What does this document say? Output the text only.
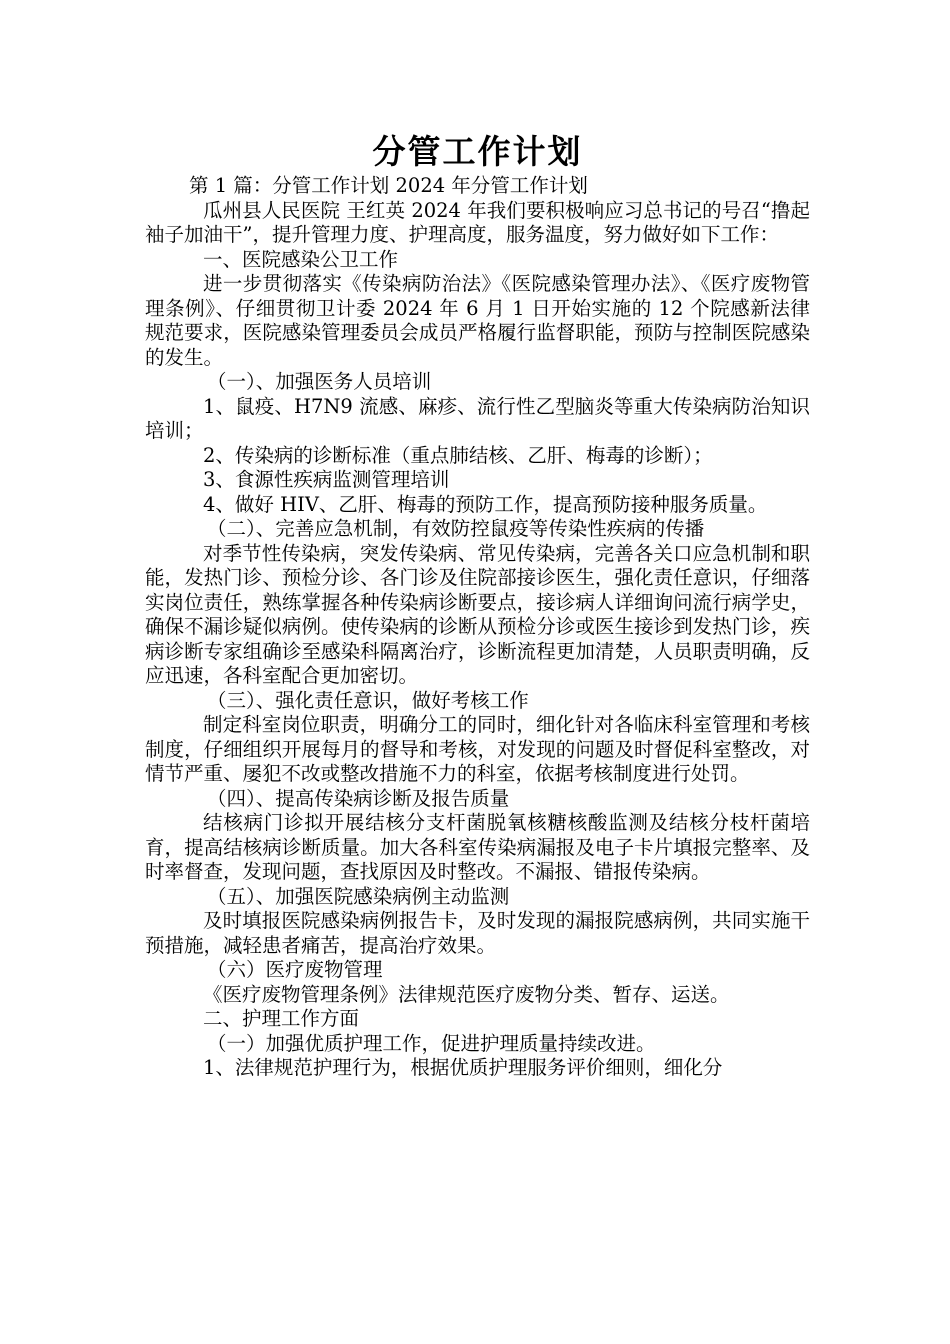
分管工作计划

第 1 篇：分管工作计划 2024 年分管工作计划

瓜州县人民医院 王红英 2024 年我们要积极响应习总书记的号召“撸起袖子加油干”，提升管理力度、护理高度，服务温度，努力做好如下工作：

一、医院感染公卫工作

进一步贯彻落实《传染病防治法》《医院感染管理办法》、《医疗废物管理条例》、仔细贯彻卫计委 2024 年 6 月 1 日开始实施的 12 个院感新法律规范要求，医院感染管理委员会成员严格履行监督职能，预防与控制医院感染的发生。

（一）、加强医务人员培训

1、鼠疫、H7N9 流感、麻疹、流行性乙型脑炎等重大传染病防治知识培训；

2、传染病的诊断标准（重点肺结核、乙肝、梅毒的诊断）；

3、食源性疾病监测管理培训

4、做好 HIV、乙肝、梅毒的预防工作，提高预防接种服务质量。

（二）、完善应急机制，有效防控鼠疫等传染性疾病的传播

对季节性传染病，突发传染病、常见传染病，完善各关口应急机制和职能，发热门诊、预检分诊、各门诊及住院部接诊医生，强化责任意识，仔细落实岗位责任，熟练掌握各种传染病诊断要点，接诊病人详细询问流行病学史，确保不漏诊疑似病例。使传染病的诊断从预检分诊或医生接诊到发热门诊，疾病诊断专家组确诊至感染科隔离治疗，诊断流程更加清楚，人员职责明确，反应迅速，各科室配合更加密切。

（三）、强化责任意识，做好考核工作

制定科室岗位职责，明确分工的同时，细化针对各临床科室管理和考核制度，仔细组织开展每月的督导和考核，对发现的问题及时督促科室整改，对情节严重、屡犯不改或整改措施不力的科室，依据考核制度进行处罚。

（四）、提高传染病诊断及报告质量

结核病门诊拟开展结核分支杆菌脱氧核糖核酸监测及结核分枝杆菌培育，提高结核病诊断质量。加大各科室传染病漏报及电子卡片填报完整率、及时率督查，发现问题，查找原因及时整改。不漏报、错报传染病。

（五）、加强医院感染病例主动监测

及时填报医院感染病例报告卡，及时发现的漏报院感病例，共同实施干预措施，减轻患者痛苦，提高治疗效果。

（六）医疗废物管理

《医疗废物管理条例》法律规范医疗废物分类、暂存、运送。

二、护理工作方面

（一）加强优质护理工作，促进护理质量持续改进。

1、法律规范护理行为，根据优质护理服务评价细则，细化分
